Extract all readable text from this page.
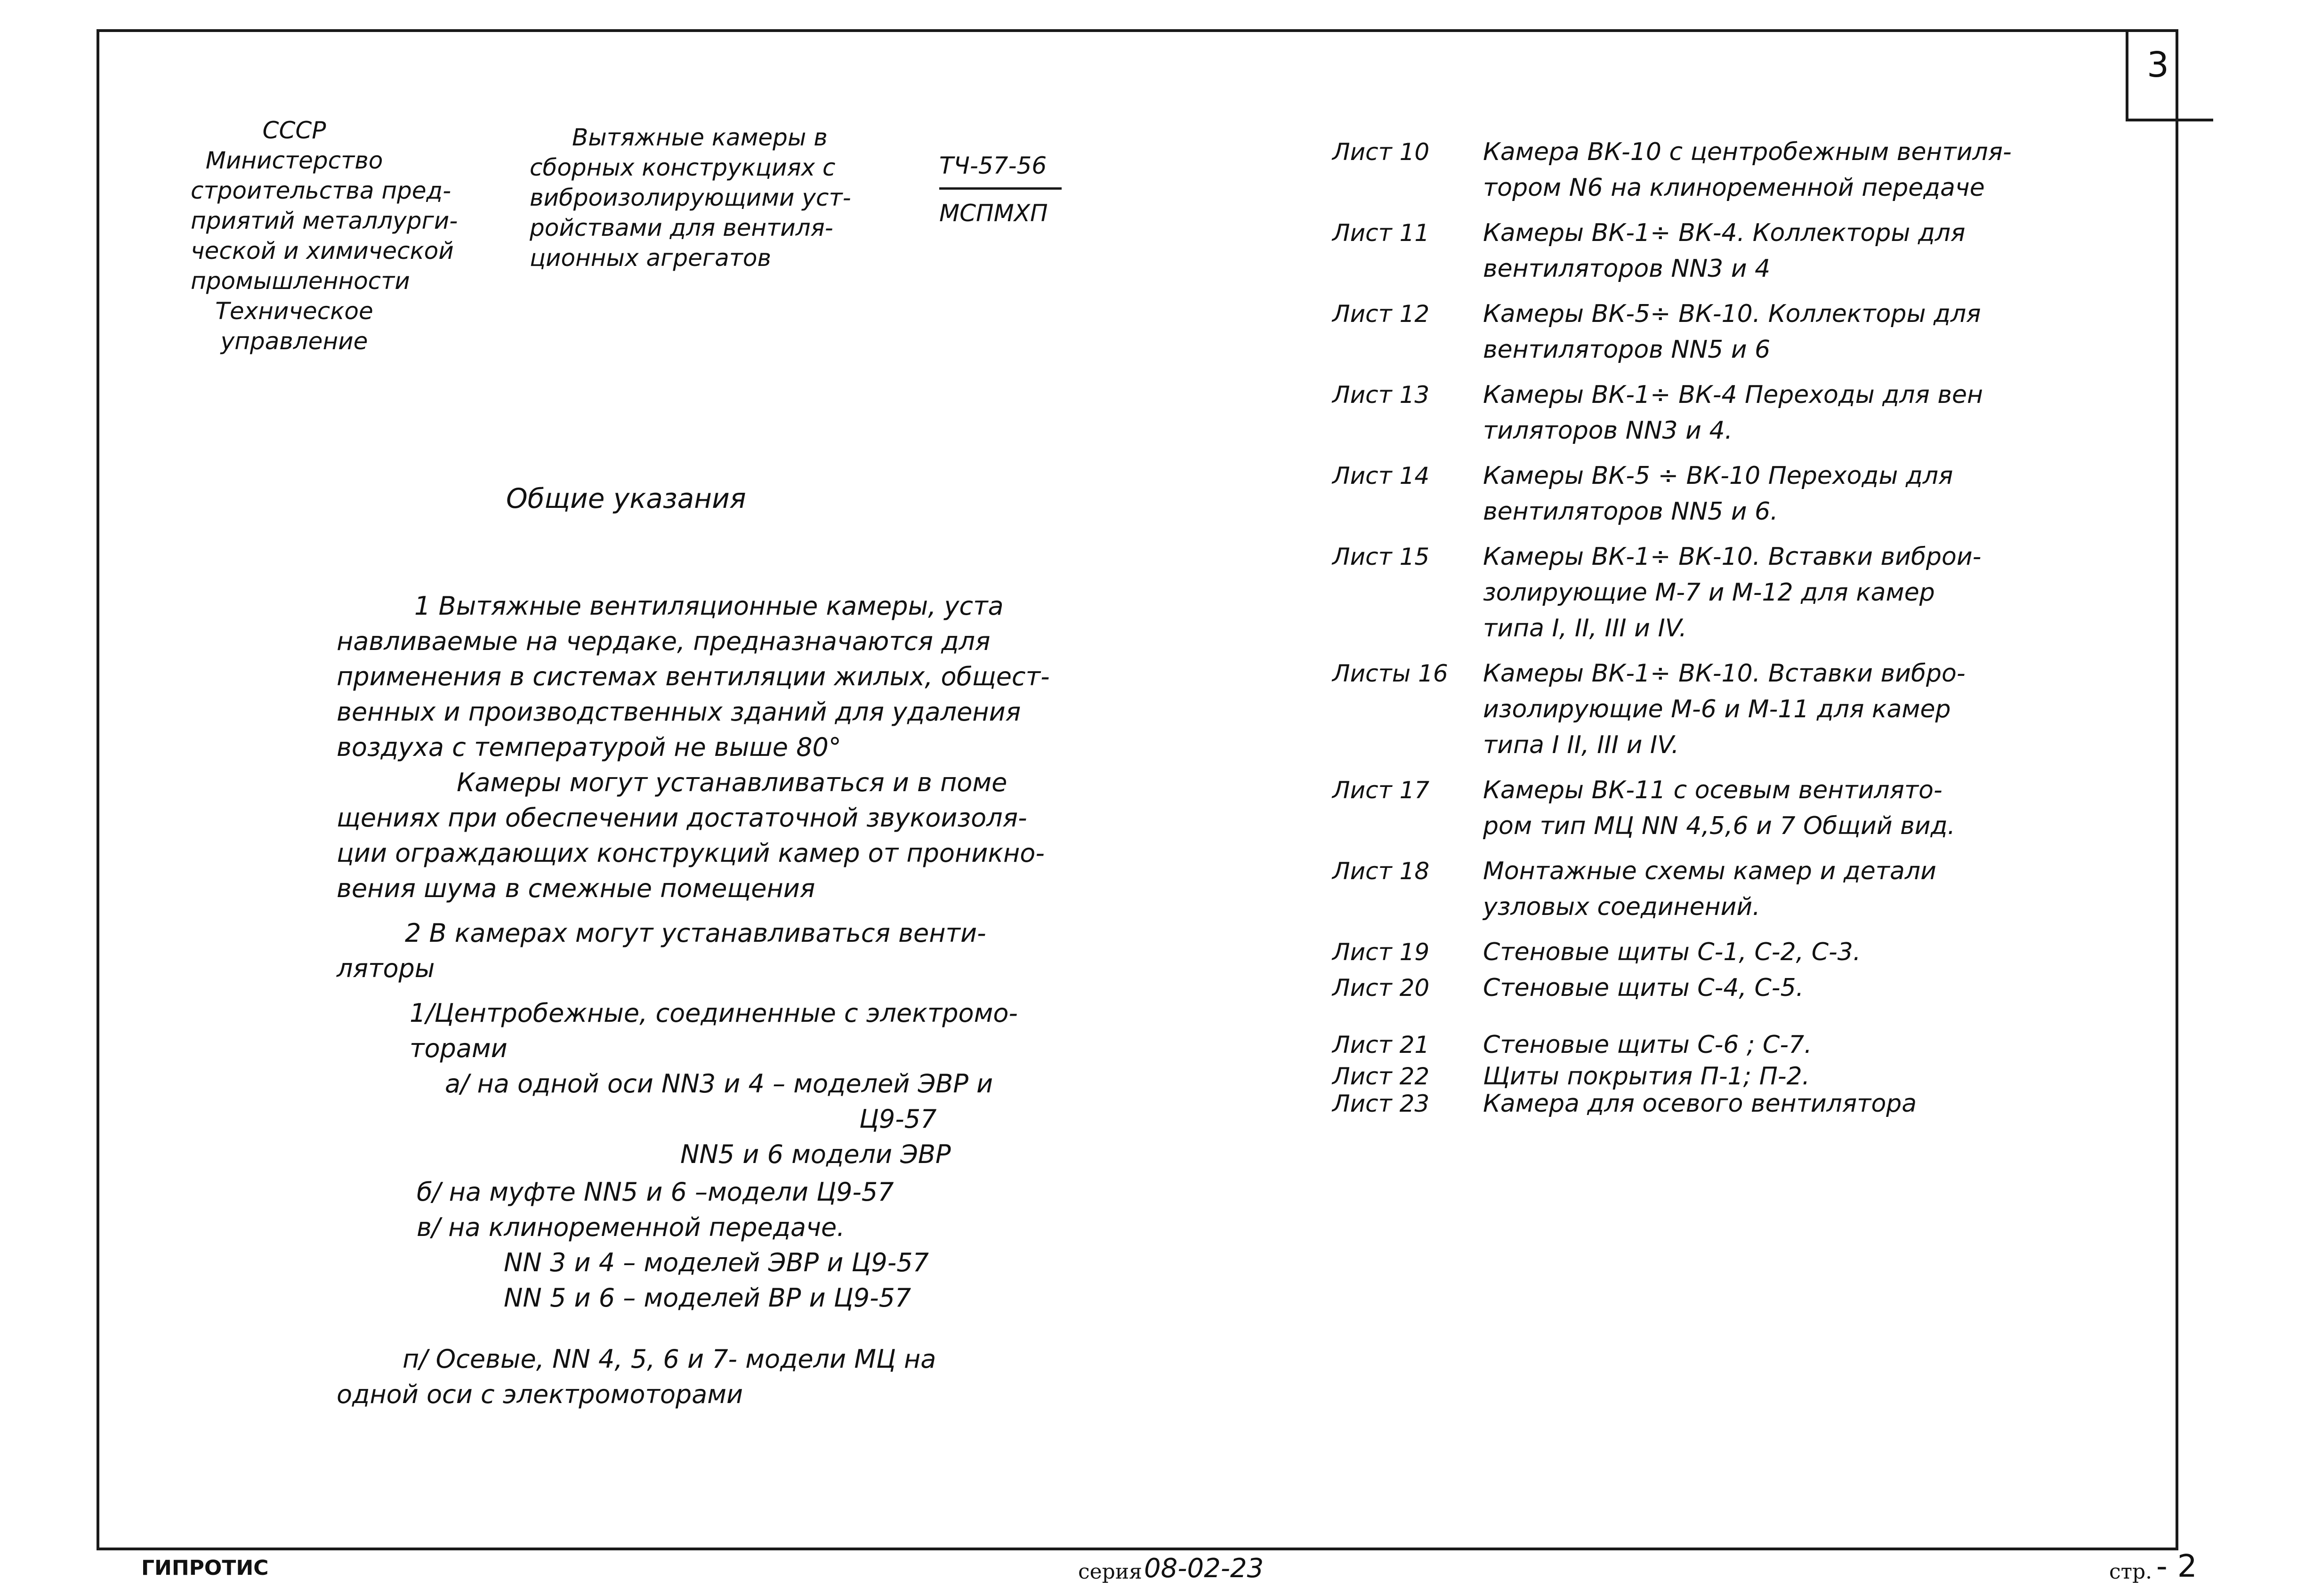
3
СССР
Министерство
строительства пред-
приятий металлурги-
ческой и химической
промышленности
Техническое
управление
Вытяжные камеры в
сборных конструкциях с
виброизолирующими уст-
ройствами для вентиля-
ционных агрегатов
ТЧ-57-56
МСПМХП
Общие указания
1 Вытяжные вентиляционные камеры, уста
навливаемые на чердаке, предназначаются для
применения в системах вентиляции жилых, общест-
венных и производственных зданий для удаления
воздуха с температурой не выше 80°
Камеры могут устанавливаться и в поме
щениях при обеспечении достаточной звукоизоля-
ции ограждающих конструкций камер от проникно-
вения шума в смежные помещения
2 В камерах могут устанавливаться венти-
ляторы
1/Центробежные, соединенные с электромо-
торами
а/ на одной оси NN3 и 4 – моделей ЭВР и
Ц9-57
NN5 и 6 модели ЭВР
б/ на муфте NN5 и 6 –модели Ц9-57
в/ на клиноременной передаче.
NN 3 и 4 – моделей ЭВР и Ц9-57
NN 5 и 6 – моделей ВР и Ц9-57
п/ Осевые, NN 4, 5, 6 и 7- модели МЦ на
одной оси с электромоторами
Лист 10	Камера ВК-10 с центробежным вентиля-
тором N6 на клиноременной передаче
Лист 11	Камеры ВК-1÷ ВК-4. Коллекторы для
вентиляторов NN3 и 4
Лист 12	Камеры ВК-5÷ ВК-10. Коллекторы для
вентиляторов NN5 и 6
Лист 13	Камеры ВК-1÷ ВК-4 Переходы для вен
тиляторов NN3 и 4.
Лист 14	Камеры ВК-5 ÷ ВК-10 Переходы для
вентиляторов NN5 и 6.
Лист 15	Камеры ВК-1÷ ВК-10. Вставки виброи-
золирующие М-7 и М-12 для камер
типа I, II, III и IV.
Листы 16	Камеры ВК-1÷ ВК-10. Вставки вибро-
изолирующие М-6 и М-11 для камер
типа I II, III и IV.
Лист 17	Камеры ВК-11 с осевым вентилято-
ром тип МЦ NN 4,5,6 и 7 Общий вид.
Лист 18	Монтажные схемы камер и детали
узловых соединений.
Лист 19	Стеновые щиты С-1, С-2, С-3.
Лист 20	Стеновые щиты С-4, С-5.
Лист 21	Стеновые щиты С-6 ; С-7.
Лист 22	Щиты покрытия П-1; П-2.
Лист 23	Камера для осевого вентилятора
ГИПРОТИС	серия 08-02-23	стр. - 2
